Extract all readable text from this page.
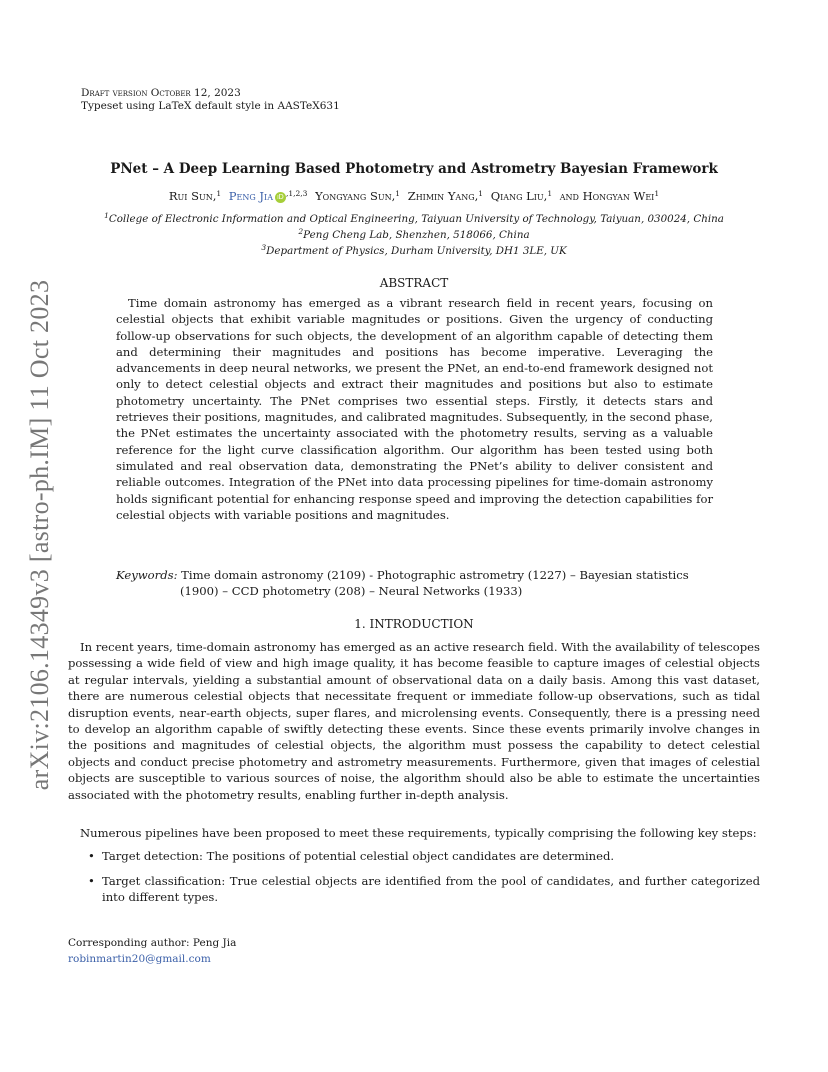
Draft version October 12, 2023
Typeset using LaTeX default style in AASTeX631
arXiv:2106.14349v3 [astro-ph.IM] 11 Oct 2023
PNet – A Deep Learning Based Photometry and Astrometry Bayesian Framework
Rui Sun,$^1$ Peng Jia iD $^{,1,2,3}$ Yongyang Sun,$^1$ Zhimin Yang,$^1$ Qiang Liu,$^1$ and Hongyan Wei$^1$
$^1$College of Electronic Information and Optical Engineering, Taiyuan University of Technology, Taiyuan, 030024, China
$^2$Peng Cheng Lab, Shenzhen, 518066, China
$^3$Department of Physics, Durham University, DH1 3LE, UK
ABSTRACT
Time domain astronomy has emerged as a vibrant research field in recent years, focusing on celestial objects that exhibit variable magnitudes or positions. Given the urgency of conducting follow-up observations for such objects, the development of an algorithm capable of detecting them and determining their magnitudes and positions has become imperative. Leveraging the advancements in deep neural networks, we present the PNet, an end-to-end framework designed not only to detect celestial objects and extract their magnitudes and positions but also to estimate photometry uncertainty. The PNet comprises two essential steps. Firstly, it detects stars and retrieves their positions, magnitudes, and calibrated magnitudes. Subsequently, in the second phase, the PNet estimates the uncertainty associated with the photometry results, serving as a valuable reference for the light curve classification algorithm. Our algorithm has been tested using both simulated and real observation data, demonstrating the PNet’s ability to deliver consistent and reliable outcomes. Integration of the PNet into data processing pipelines for time-domain astronomy holds significant potential for enhancing response speed and improving the detection capabilities for celestial objects with variable positions and magnitudes.
Keywords: Time domain astronomy (2109) - Photographic astrometry (1227) – Bayesian statistics (1900) – CCD photometry (208) – Neural Networks (1933)
1. INTRODUCTION
In recent years, time-domain astronomy has emerged as an active research field. With the availability of telescopes possessing a wide field of view and high image quality, it has become feasible to capture images of celestial objects at regular intervals, yielding a substantial amount of observational data on a daily basis. Among this vast dataset, there are numerous celestial objects that necessitate frequent or immediate follow-up observations, such as tidal disruption events, near-earth objects, super flares, and microlensing events. Consequently, there is a pressing need to develop an algorithm capable of swiftly detecting these events. Since these events primarily involve changes in the positions and magnitudes of celestial objects, the algorithm must possess the capability to detect celestial objects and conduct precise photometry and astrometry measurements. Furthermore, given that images of celestial objects are susceptible to various sources of noise, the algorithm should also be able to estimate the uncertainties associated with the photometry results, enabling further in-depth analysis.
Numerous pipelines have been proposed to meet these requirements, typically comprising the following key steps:
• Target detection: The positions of potential celestial object candidates are determined.
• Target classification: True celestial objects are identified from the pool of candidates, and further categorized into different types.
Corresponding author: Peng Jia
robinmartin20@gmail.com
